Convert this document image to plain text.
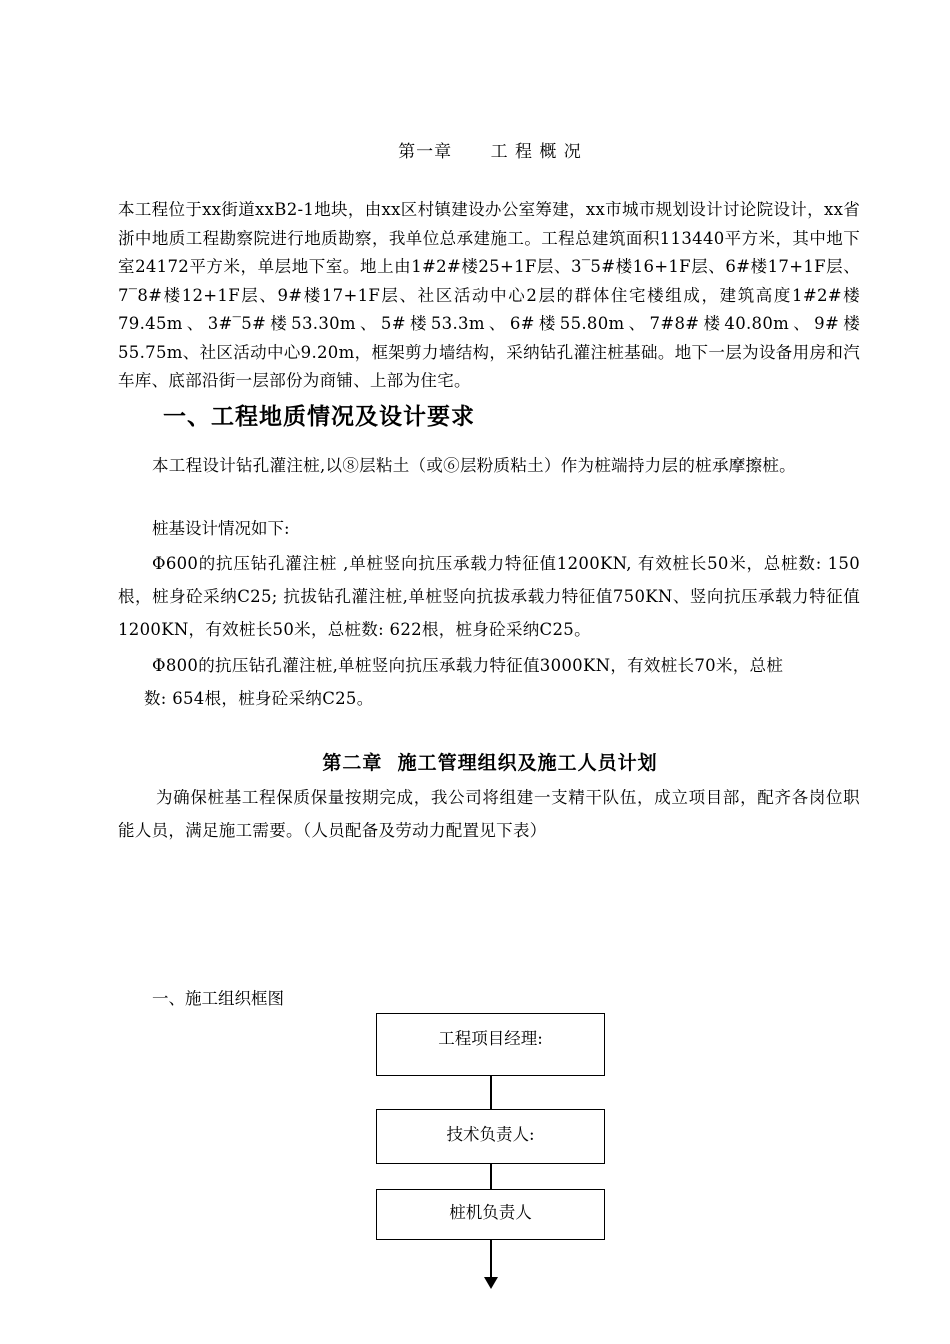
第一章      工 程 概 况
本工程位于xx街道xxB2-1地块，由xx区村镇建设办公室筹建，xx市城市规划设计讨论院设计，xx省浙中地质工程勘察院进行地质勘察，我单位总承建施工。工程总建筑面积113440平方米，其中地下室24172平方米，单层地下室。地上由1#2#楼25+1F层、3‾5#楼16+1F层、6#楼17+1F层、7‾8#楼12+1F层、9#楼17+1F层、社区活动中心2层的群体住宅楼组成，建筑高度1#2#楼79.45m、3#‾5#楼53.30m、5#楼53.3m、6#楼55.80m、7#8#楼40.80m、9#楼55.75m、社区活动中心9.20m，框架剪力墙结构，采纳钻孔灌注桩基础。地下一层为设备用房和汽车库、底部沿街一层部份为商铺、上部为住宅。
一、工程地质情况及设计要求
本工程设计钻孔灌注桩,以⑧层粘土（或⑥层粉质粘土）作为桩端持力层的桩承摩擦桩。
桩基设计情况如下:
Φ600的抗压钻孔灌注桩 ,单桩竖向抗压承载力特征值1200KN, 有效桩长50米，总桩数: 150根，桩身砼采纳C25; 抗拔钻孔灌注桩,单桩竖向抗拔承载力特征值750KN、竖向抗压承载力特征值1200KN，有效桩长50米，总桩数: 622根，桩身砼采纳C25。
Φ800的抗压钻孔灌注桩,单桩竖向抗压承载力特征值3000KN，有效桩长70米，总桩
数: 654根，桩身砼采纳C25。
第二章  施工管理组织及施工人员计划
为确保桩基工程保质保量按期完成，我公司将组建一支精干队伍，成立项目部，配齐各岗位职能人员，满足施工需要。（人员配备及劳动力配置见下表）
一、施工组织框图
工程项目经理:
技术负责人:
桩机负责人
